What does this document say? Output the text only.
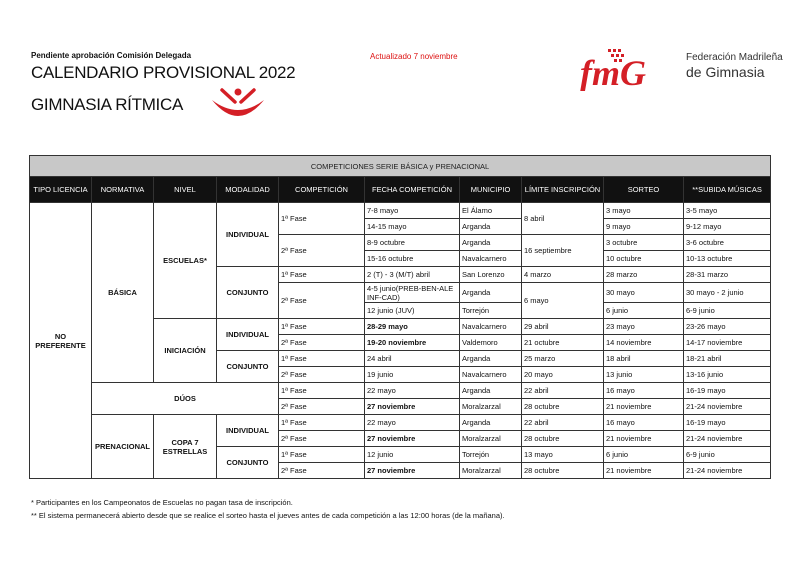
Pendiente aprobación Comisión Delegada
CALENDARIO PROVISIONAL 2022
GIMNASIA RÍTMICA
Actualizado 7 noviembre	fmG	Federación Madrileña
de Gimnasia
COMPETICIONES SERIE BÁSICA y PRENACIONAL									
TIPO LICENCIA	NORMATIVA	NIVEL	MODALIDAD	COMPETICIÓN	FECHA COMPETICIÓN	MUNICIPIO	LÍMITE INSCRIPCIÓN	SORTEO	**SUBIDA MÚSICAS
NO PREFERENTE	BÁSICA	ESCUELAS*	INDIVIDUAL	1ª Fase	7-8 mayo	El Álamo	8 abril	3 mayo	3-5 mayo
					14-15 mayo	Arganda		9 mayo	9-12 mayo
				2ª Fase	8-9 octubre	Arganda	16 septiembre	3 octubre	3-6 octubre
					15-16 octubre	Navalcarnero		10 octubre	10-13 octubre
			CONJUNTO	1ª Fase	2 (T) - 3 (M/T) abril	San Lorenzo	4 marzo	28 marzo	28-31 marzo
				2ª Fase	4-5 junio(PREB-BEN-ALE INF-CAD)	Arganda	6 mayo	30 mayo	30 mayo - 2 junio
					12 junio (JUV)	Torrejón		6 junio	6-9 junio
		INICIACIÓN	INDIVIDUAL	1ª Fase	28-29 mayo	Navalcarnero	29 abril	23 mayo	23-26 mayo
				2ª Fase	19-20 noviembre	Valdemoro	21 octubre	14 noviembre	14-17 noviembre
			CONJUNTO	1ª Fase	24 abril	Arganda	25 marzo	18 abril	18-21 abril
				2ª Fase	19 junio	Navalcarnero	20 mayo	13 junio	13-16 junio
	DÚOS			1ª Fase	22 mayo	Arganda	22 abril	16 mayo	16-19 mayo
				2ª Fase	27 noviembre	Moralzarzal	28 octubre	21 noviembre	21-24 noviembre
	PRENACIONAL	COPA 7 ESTRELLAS	INDIVIDUAL	1ª Fase	22 mayo	Arganda	22 abril	16 mayo	16-19 mayo
				2ª Fase	27 noviembre	Moralzarzal	28 octubre	21 noviembre	21-24 noviembre
			CONJUNTO	1ª Fase	12 junio	Torrejón	13 mayo	6 junio	6-9 junio
				2ª Fase	27 noviembre	Moralzarzal	28 octubre	21 noviembre	21-24 noviembre
* Participantes en los Campeonatos de Escuelas no pagan tasa de inscripción.
** El sistema permanecerá abierto desde que se realice el sorteo hasta el jueves antes de cada competición a las 12:00 horas (de la mañana).
